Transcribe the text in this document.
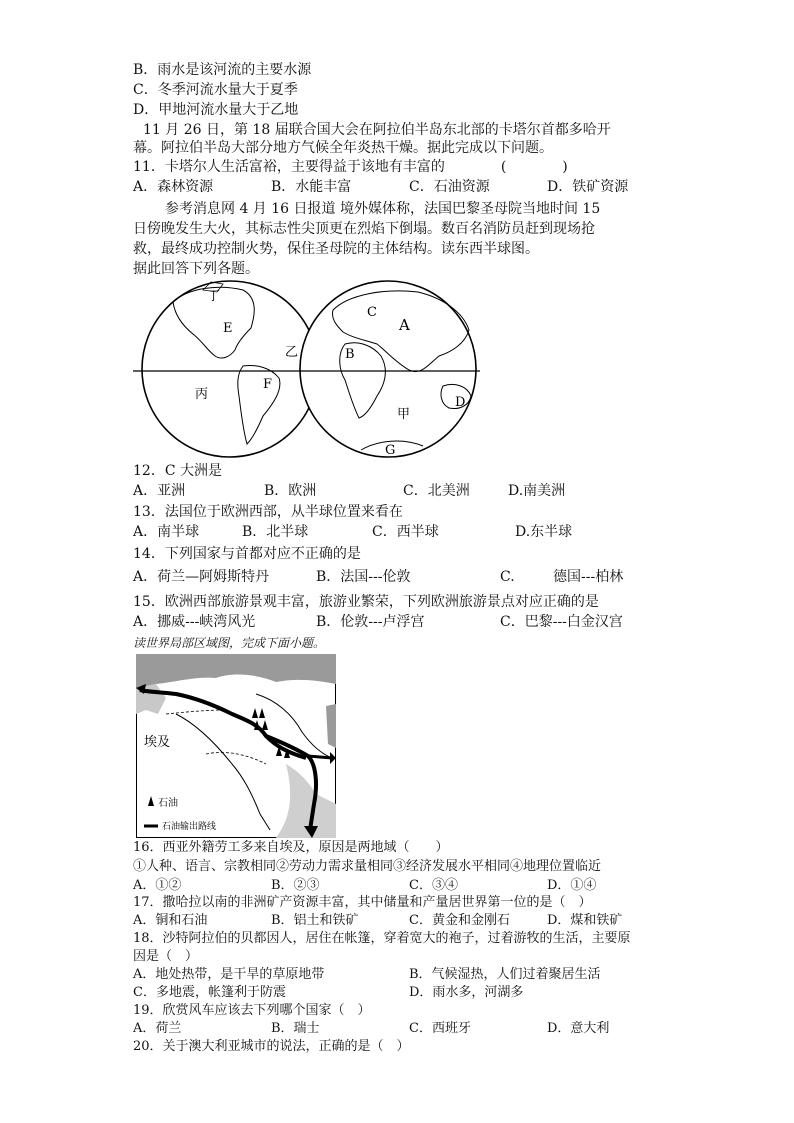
B．雨水是该河流的主要水源
C．冬季河流水量大于夏季
D．甲地河流水量大于乙地
11 月 26 日，第 18 届联合国大会在阿拉伯半岛东北部的卡塔尔首都多哈开
幕。阿拉伯半岛大部分地方气候全年炎热干燥。据此完成以下问题。
11．卡塔尔人生活富裕，主要得益于该地有丰富的　　　　(　　　　)
A．森林资源	B．水能丰富	C．石油资源	D．铁矿资源
参考消息网 4 月 16 日报道 境外媒体称，法国巴黎圣母院当地时间 15
日傍晚发生大火，其标志性尖顶更在烈焰下倒塌。数百名消防员赶到现场抢
救，最终成功控制火势，保住圣母院的主体结构。读东西半球图。
据此回答下列各题。
丁
E
乙
F
丙
C
A
B
甲
D
G
12．C 大洲是
A．亚洲	B．欧洲	C．北美洲	D.南美洲
13．法国位于欧洲西部，从半球位置来看在
A．南半球	B．北半球	C．西半球	D.东半球
14．下列国家与首都对应不正确的是
A．荷兰—阿姆斯特丹	B．法国---伦敦	C.	德国---柏林
15．欧洲西部旅游景观丰富，旅游业繁荣，下列欧洲旅游景点对应正确的是
A．挪威---峡湾风光	B．伦敦---卢浮宫	C．巴黎---白金汉宫
读世界局部区域图，完成下面小题。
埃及
石油
石油输出路线
16．西亚外籍劳工多来自埃及，原因是两地域（　　）
①人种、语言、宗教相同②劳动力需求量相同③经济发展水平相同④地理位置临近
A．①②	B．②③	C．③④	D．①④
17．撒哈拉以南的非洲矿产资源丰富，其中储量和产量居世界第一位的是（　）
A．铜和石油	B．铝土和铁矿	C．黄金和金刚石	D．煤和铁矿
18．沙特阿拉伯的贝都因人，居住在帐篷，穿着宽大的袍子，过着游牧的生活，主要原
因是（　）
A．地处热带，是干旱的草原地带	B．气候湿热，人们过着聚居生活
C．多地震，帐篷利于防震	D．雨水多，河湖多
19．欣赏风车应该去下列哪个国家（　）
A．荷兰	B．瑞士	C．西班牙	D．意大利
20．关于澳大利亚城市的说法，正确的是（　）
